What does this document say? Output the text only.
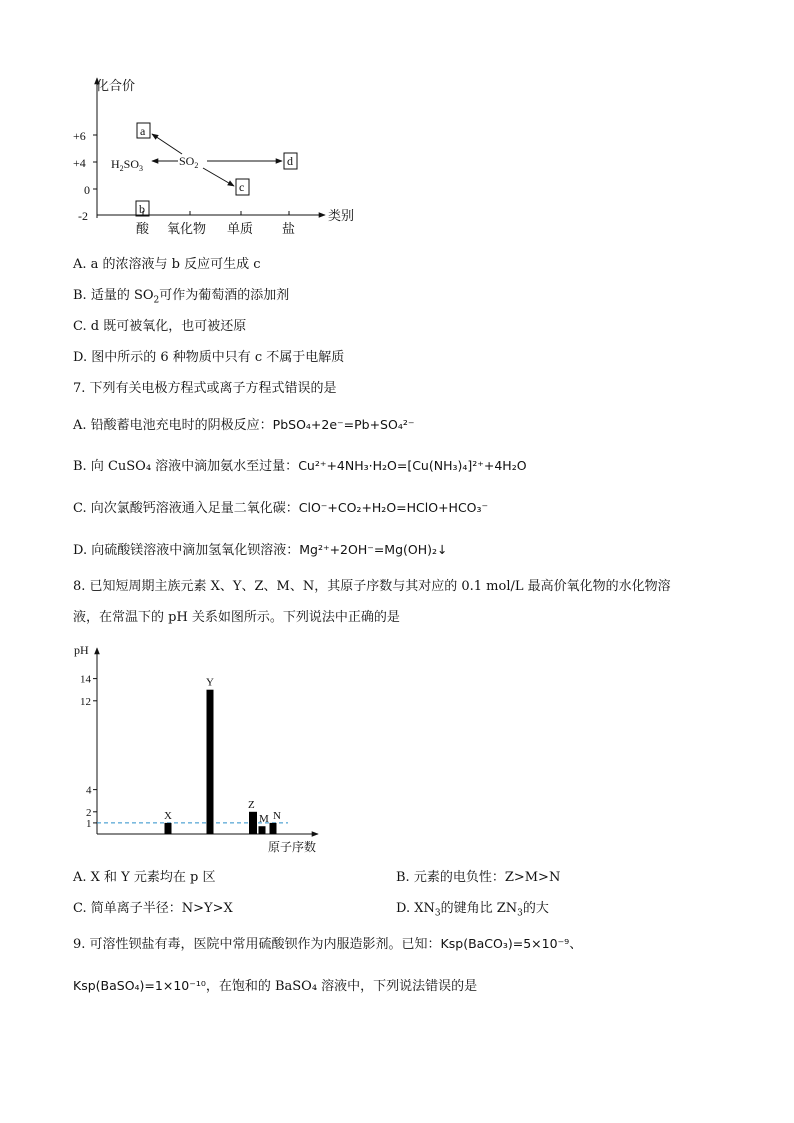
化合价
类别
+6
+4
0
-2
酸 氧化物 单质 盐
$SO_2$
$H_2SO_3$
a
d
c
b
A. a 的浓溶液与 b 反应可生成 c
B. 适量的 $SO_2$可作为葡萄酒的添加剂
C. d 既可被氧化，也可被还原
D. 图中所示的 6 种物质中只有 c 不属于电解质
7. 下列有关电极方程式或离子方程式错误的是
A. 铅酸蓄电池充电时的阴极反应：PbSO₄+2e⁻=Pb+SO₄²⁻
B. 向 CuSO₄ 溶液中滴加氨水至过量：Cu²⁺+4NH₃·H₂O=[Cu(NH₃)₄]²⁺+4H₂O
C. 向次氯酸钙溶液通入足量二氧化碳：ClO⁻+CO₂+H₂O=HClO+HCO₃⁻
D. 向硫酸镁溶液中滴加氢氧化钡溶液：Mg²⁺+2OH⁻=Mg(OH)₂↓
8. 已知短周期主族元素 X、Y、Z、M、N，其原子序数与其对应的 0.1 mol/L 最高价氧化物的水化物溶
液，在常温下的 pH 关系如图所示。下列说法中正确的是
pH
原子序数
1
2
4
12
14
X
Y
Z
M N
A. X 和 Y 元素均在 p 区	B. 元素的电负性：Z>M>N
C. 简单离子半径：N>Y>X	D. $XN_3$的键角比 $ZN_3$的大
9. 可溶性钡盐有毒，医院中常用硫酸钡作为内服造影剂。已知：Ksp(BaCO₃)=5×10⁻⁹、
Ksp(BaSO₄)=1×10⁻¹⁰，在饱和的 BaSO₄ 溶液中，下列说法错误的是
